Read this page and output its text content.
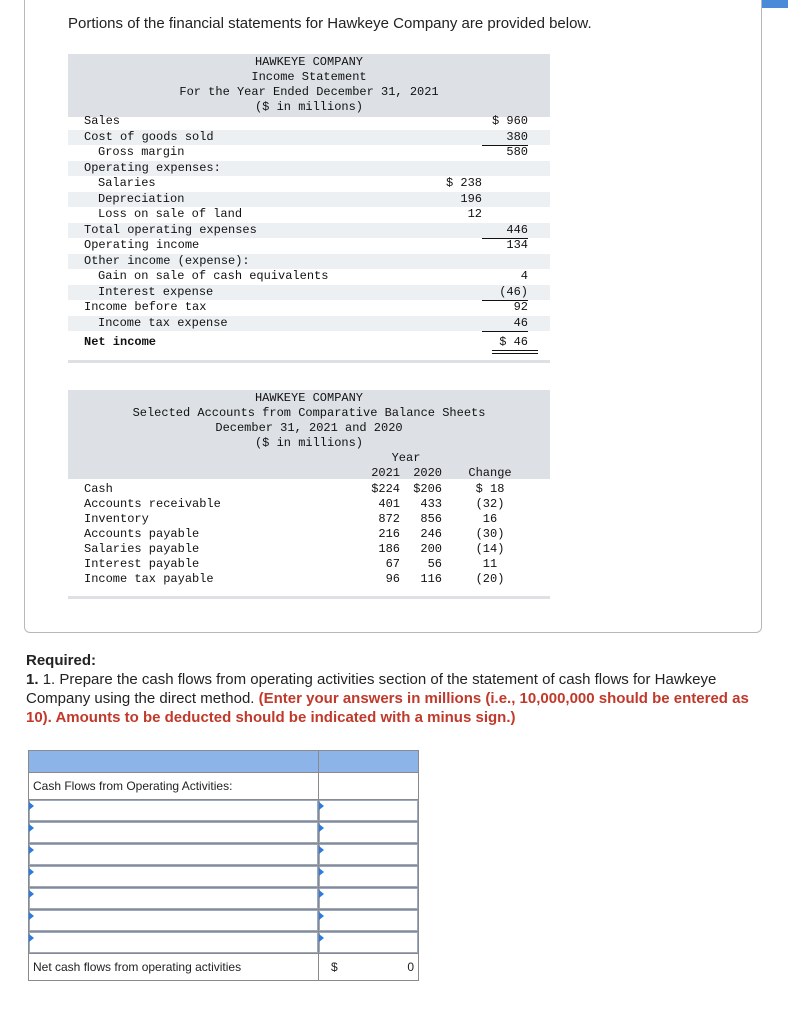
Portions of the financial statements for Hawkeye Company are provided below.
HAWKEYE COMPANY
Income Statement
For the Year Ended December 31, 2021
($ in millions)
Sales	$ 960
Cost of goods sold	380
Gross margin	580
Operating expenses:
Salaries	$ 238
Depreciation	196
Loss on sale of land	12
Total operating expenses	446
Operating income	134
Other income (expense):
Gain on sale of cash equivalents	4
Interest expense	(46)
Income before tax	92
Income tax expense	46
Net income	$ 46
HAWKEYE COMPANY
Selected Accounts from Comparative Balance Sheets
December 31, 2021 and 2020
($ in millions)
Year
2021 2020 Change
Cash	$224 $206	$ 18
Accounts receivable	401	433	(32)
Inventory	872	856	16
Accounts payable	216	246	(30)
Salaries payable	186	200	(14)
Interest payable	67	56	11
Income tax payable	96	116	(20)
Required:
1. 1. Prepare the cash flows from operating activities section of the statement of cash flows for Hawkeye Company using the direct method. (Enter your answers in millions (i.e., 10,000,000 should be entered as 10). Amounts to be deducted should be indicated with a minus sign.)

Cash Flows from Operating Activities:	

Net cash flows from operating activities	$ 0
